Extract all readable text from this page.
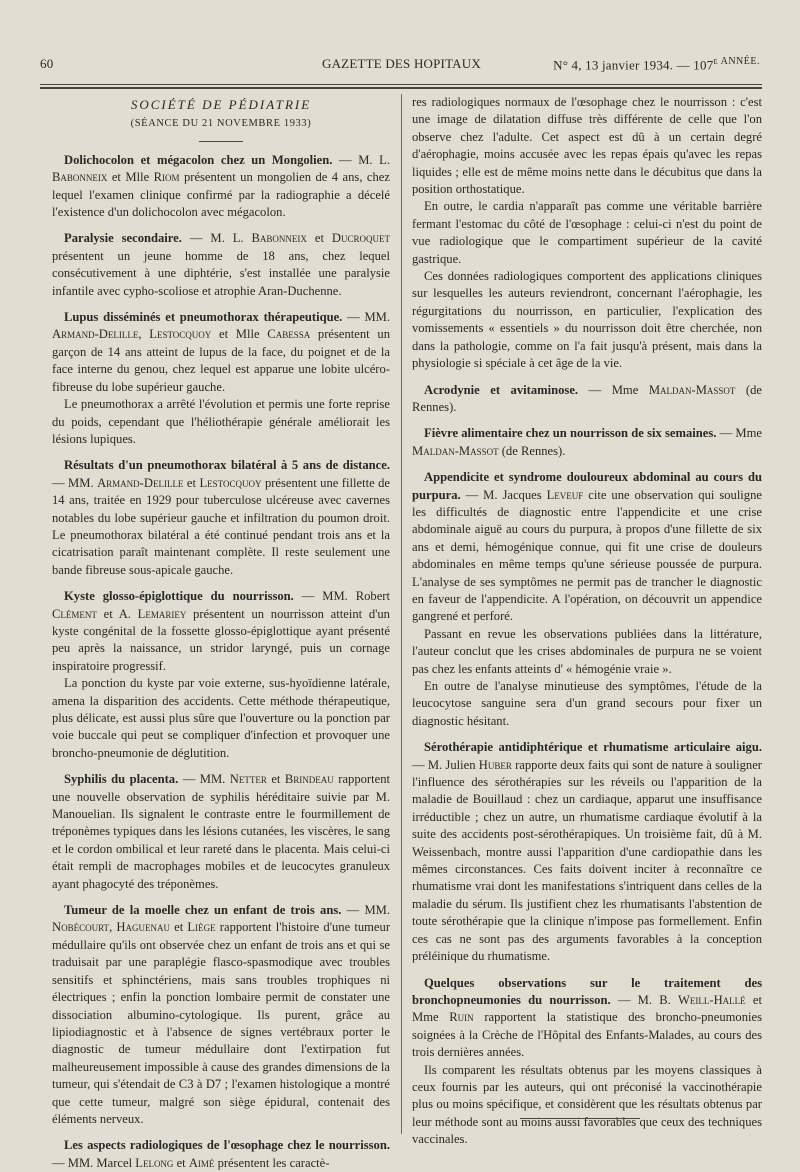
60	GAZETTE DES HOPITAUX	N° 4, 13 janvier 1934. — $107^{e ANNÉE.}$
SOCIÉTÉ DE PÉDIATRIE
(SÉANCE DU 21 NOVEMBRE 1933)

Dolichocolon et mégacolon chez un Mongolien. — M. L. Babonneix et Mlle Riom présentent un mongolien de 4 ans, chez lequel l'examen clinique confirmé par la radiographie a décelé l'existence d'un dolichocolon avec mégacolon.

Paralysie secondaire. — M. L. Babonneix et Ducroquet présentent un jeune homme de 18 ans, chez lequel consécutivement à une diphtérie, s'est installée une paralysie infantile avec cypho-scoliose et atrophie Aran-Duchenne.

Lupus disséminés et pneumothorax thérapeutique. — MM. Armand-Delille, Lestocquoy et Mlle Cabessa présentent un garçon de 14 ans atteint de lupus de la face, du poignet et de la face interne du genou, chez lequel est apparue une lobite ulcéro-fibreuse du lobe supérieur gauche.

Le pneumothorax a arrêté l'évolution et permis une forte reprise du poids, cependant que l'héliothérapie générale améliorait les lésions lupiques.

Résultats d'un pneumothorax bilatéral à 5 ans de distance. — MM. Armand-Delille et Lestocquoy présentent une fillette de 14 ans, traitée en 1929 pour tuberculose ulcéreuse avec cavernes notables du lobe supérieur gauche et infiltration du poumon droit. Le pneumothorax bilatéral a été continué pendant trois ans et la cicatrisation paraît maintenant complète. Il reste seulement une bande fibreuse sous-apicale gauche.

Kyste glosso-épiglottique du nourrisson. — MM. Robert Clément et A. Lemariey présentent un nourrisson atteint d'un kyste congénital de la fossette glosso-épiglottique ayant présenté peu après la naissance, un stridor laryngé, puis un cornage inspiratoire progressif.

La ponction du kyste par voie externe, sus-hyoïdienne latérale, amena la disparition des accidents. Cette méthode thérapeutique, plus délicate, est aussi plus sûre que l'ouverture ou la ponction par voie buccale qui peut se compliquer d'infection et provoquer une broncho-pneumonie de déglutition.

Syphilis du placenta. — MM. Netter et Brindeau rapportent une nouvelle observation de syphilis héréditaire suivie par M. Manouelian. Ils signalent le contraste entre le fourmillement de tréponèmes typiques dans les lésions cutanées, les viscères, le sang et le cordon ombilical et leur rareté dans le placenta. Mais celui-ci était rempli de macrophages mobiles et de leucocytes granuleux ayant phagocyté des tréponèmes.

Tumeur de la moelle chez un enfant de trois ans. — MM. Nobécourt, Haguenau et Liège rapportent l'histoire d'une tumeur médullaire qu'ils ont observée chez un enfant de trois ans et qui se traduisait par une paraplégie flasco-spasmodique avec troubles sensitifs et sphinctériens, mais sans troubles trophiques ni électriques ; enfin la ponction lombaire permit de constater une dissociation albumino-cytologique. Ils purent, grâce au lipiodiagnostic et à l'absence de signes vertébraux porter le diagnostic de tumeur médullaire dont l'extirpation fut malheureusement impossible à cause des grandes dimensions de la tumeur, qui s'étendait de C3 à D7 ; l'examen histologique a montré que cette tumeur, malgré son siège épidural, contenait des éléments nerveux.

Les aspects radiologiques de l'œsophage chez le nourrisson. — MM. Marcel Lelong et Aimé présentent les caractè-

res radiologiques normaux de l'œsophage chez le nourrisson : c'est une image de dilatation diffuse très différente de celle que l'on observe chez l'adulte. Cet aspect est dû à un certain degré d'aérophagie, moins accusée avec les repas épais qu'avec les repas liquides ; elle est de même moins nette dans le décubitus que dans la position orthostatique.

En outre, le cardia n'apparaît pas comme une véritable barrière fermant l'estomac du côté de l'œsophage : celui-ci n'est du point de vue radiologique que le compartiment supérieur de la cavité gastrique.

Ces données radiologiques comportent des applications cliniques sur lesquelles les auteurs reviendront, concernant l'aérophagie, les régurgitations du nourrisson, en particulier, l'explication des vomissements « essentiels » du nourrisson doit être cherchée, non dans la pathologie, comme on l'a fait jusqu'à présent, mais dans la physiologie si spéciale à cet âge de la vie.

Acrodynie et avitaminose. — Mme Maldan-Massot (de Rennes).

Fièvre alimentaire chez un nourrisson de six semaines. — Mme Maldan-Massot (de Rennes).

Appendicite et syndrome douloureux abdominal au cours du purpura. — M. Jacques Leveuf cite une observation qui souligne les difficultés de diagnostic entre l'appendicite et une crise abdominale aiguë au cours du purpura, à propos d'une fillette de six ans et demi, hémogénique connue, qui fit une crise de douleurs abdominales en même temps qu'une sérieuse poussée de purpura. L'analyse de ses symptômes ne permit pas de trancher le diagnostic en faveur de l'appendicite. A l'opération, on découvrit un appendice gangrené et perforé.

Passant en revue les observations publiées dans la littérature, l'auteur conclut que les crises abdominales de purpura ne se voient pas chez les enfants atteints d' « hémogénie vraie ».

En outre de l'analyse minutieuse des symptômes, l'étude de la leucocytose sanguine sera d'un grand secours pour fixer un diagnostic hésitant.

Sérothérapie antidiphtérique et rhumatisme articulaire aigu. — M. Julien Huber rapporte deux faits qui sont de nature à souligner l'influence des sérothérapies sur les réveils ou l'apparition de la maladie de Bouillaud : chez un cardiaque, apparut une insuffisance irréductible ; chez un autre, un rhumatisme cardiaque évolutif à la suite des accidents post-sérothérapiques. Un troisième fait, dû à M. Weissenbach, montre aussi l'apparition d'une cardiopathie dans les mêmes circonstances. Ces faits doivent inciter à reconnaître ce rhumatisme vrai dont les manifestations s'intriquent dans celles de la maladie du sérum. Ils justifient chez les rhumatisants l'abstention de toute sérothérapie que la clinique n'impose pas formellement. Enfin ces cas ne sont pas des arguments favorables à la conception préléinique du rhumatisme.

Quelques observations sur le traitement des bronchopneumonies du nourrisson. — M. B. Weill-Hallé et Mme Ruin rapportent la statistique des broncho-pneumonies soignées à la Crèche de l'Hôpital des Enfants-Malades, au cours des trois dernières années.

Ils comparent les résultats obtenus par les moyens classiques à ceux fournis par les auteurs, qui ont préconisé la vaccinothérapie plus ou moins spécifique, et considèrent que les résultats obtenus par leur méthode sont au moins aussi favorables que ceux des techniques vaccinales.
